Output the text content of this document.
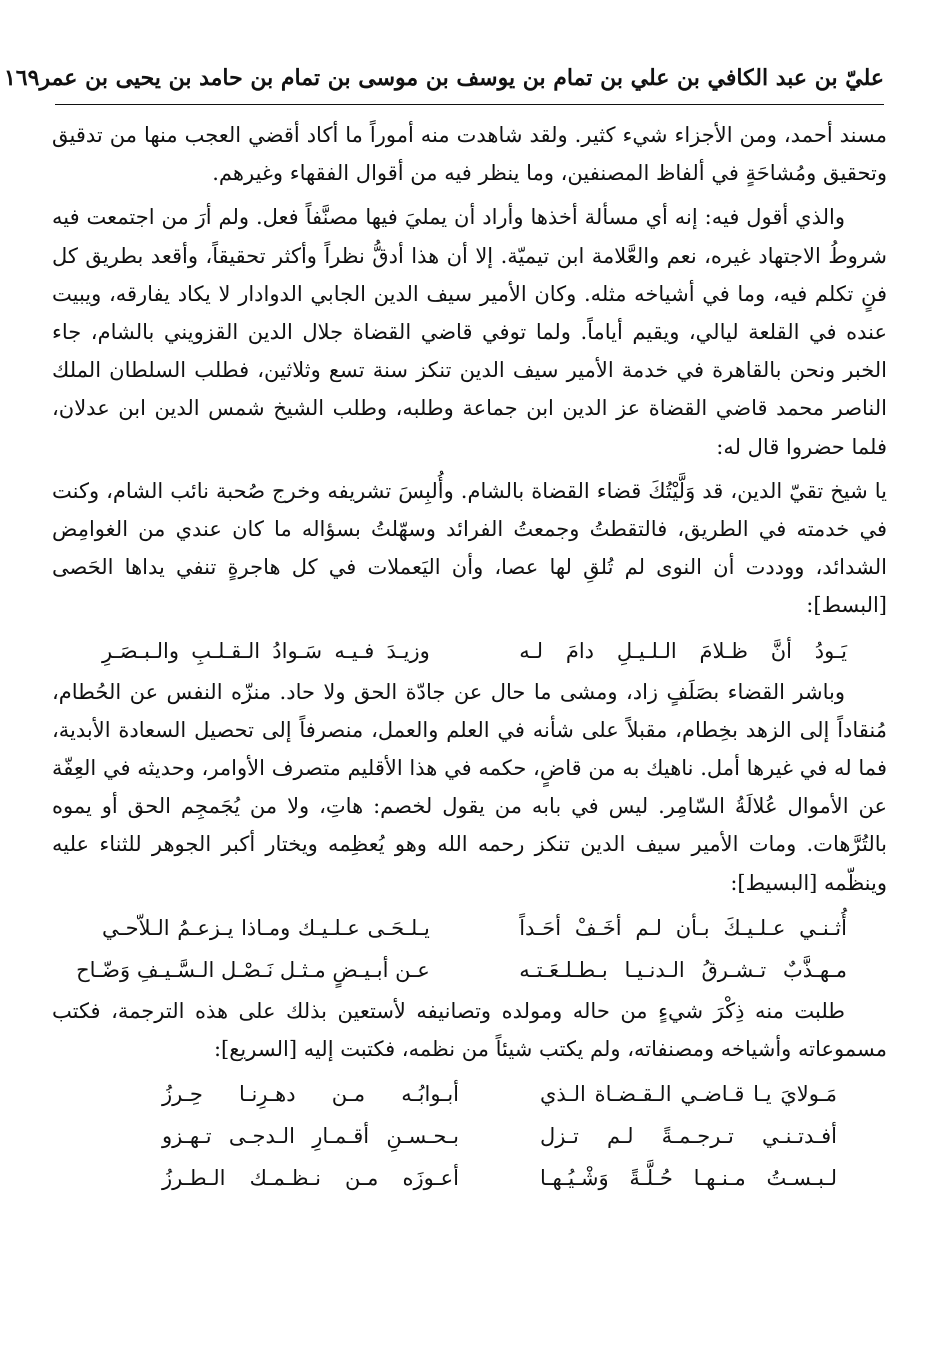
عليّ بن عبد الكافي بن علي بن تمام بن يوسف بن موسى بن تمام بن حامد بن يحيى بن عمر
١٦٩

مسند أحمد، ومن الأجزاء شيء كثير. ولقد شاهدت منه أموراً ما أكاد أقضي العجب منها من تدقيق وتحقيق ومُشاحَةٍ في ألفاظ المصنفين، وما ينظر فيه من أقوال الفقهاء وغيرهم.

والذي أقول فيه: إنه أي مسألة أخذها وأراد أن يمليَ فيها مصنَّفاً فعل. ولم أرَ من اجتمعت فيه شروطُ الاجتهاد غيره، نعم والعَّلامة ابن تيميّة. إلا أن هذا أدقُّ نظراً وأكثر تحقيقاً، وأقعد بطريق كل فنٍ تكلم فيه، وما في أشياخه مثله. وكان الأمير سيف الدين الجابي الدوادار لا يكاد يفارقه، ويبيت عنده في القلعة ليالي، ويقيم أياماً. ولما توفي قاضي القضاة جلال الدين القزويني بالشام، جاء الخبر ونحن بالقاهرة في خدمة الأمير سيف الدين تنكز سنة تسع وثلاثين، فطلب السلطان الملك الناصر محمد قاضي القضاة عز الدين ابن جماعة وطلبه، وطلب الشيخ شمس الدين ابن عدلان، فلما حضروا قال له:

يا شيخ تقيّ الدين، قد وَلَّيْتُكَ قضاء القضاة بالشام. وأُلبِسَ تشريفه وخرج صُحبة نائب الشام، وكنت في خدمته في الطريق، فالتقطتُ وجمعتُ الفرائد وسهّلتُ بسؤاله ما كان عندي من الغوامِض الشدائد، ووددت أن النوى لم تُلقِ لها عصا، وأن اليَعملات في كل هاجرةٍ تنفي يداها الحَصى [البسط]:

يَـودُ أنَّ ظـلامَ الـلـيـلِ دامَ لـه
وزيـدَ فـيـه سَـوادُ الـقـلـبِ والـبـصَـرِ

وباشر القضاء بصَلَفٍ زاد، ومشى ما حال عن جادّة الحق ولا حاد. منزّه النفس عن الحُطام، مُنقاداً إلى الزهد بخِطام، مقبلاً على شأنه في العلم والعمل، منصرفاً إلى تحصيل السعادة الأبدية، فما له في غيرها أمل. ناهيك به من قاضٍ، حكمه في هذا الأقليم متصرف الأوامر، وحديثه في العِفّة عن الأموال عُلالَةُ السّامِر. ليس في بابه من يقول لخصم: هاتِ، ولا من يُجَمجِم الحق أو يموه بالتُرَّهات. ومات الأمير سيف الدين تنكز رحمه الله وهو يُعظِمه ويختار أكبر الجوهر للثناء عليه وينظّمه [البسيط]:

أُثـنـي عـلـيـكَ بـأن لـم أخَـفْ أحَـداً
يـلـحَـى عـلـيـك ومـاذا يـزعـمُ الـلاّحـي
مـهـذَّبٌ تـشـرقُ الـدنـيـا بـطـلـعَـتـه
عـن أبـيـضٍ مـثـل نَـصْـل الـسَّـيـفِ وَضّـاح

طلبت منه ذِكْرَ شيءٍ من حاله ومولده وتصانيفه لأستعين بذلك على هذه الترجمة، فكتب مسموعاته وأشياخه ومصنفاته، ولم يكتب شيئاً من نظمه، فكتبت إليه [السريع]:

مَـولايَ يـا قـاضـي الـقـضـاة الـذي
أبـوابُـه مـن دهـرِنـا حِـرزُ
أفـدتـنـي تـرجـمـةً لـم تـزل
بـحـسـنِ أقـمـارِ الـدجـى تـهـزو
لـبـسـتُ مـنـهـا حُـلَّـةً وَشْـيُـهـا
أعـوزَه مـن نـظـمـك الـطـرزُ
